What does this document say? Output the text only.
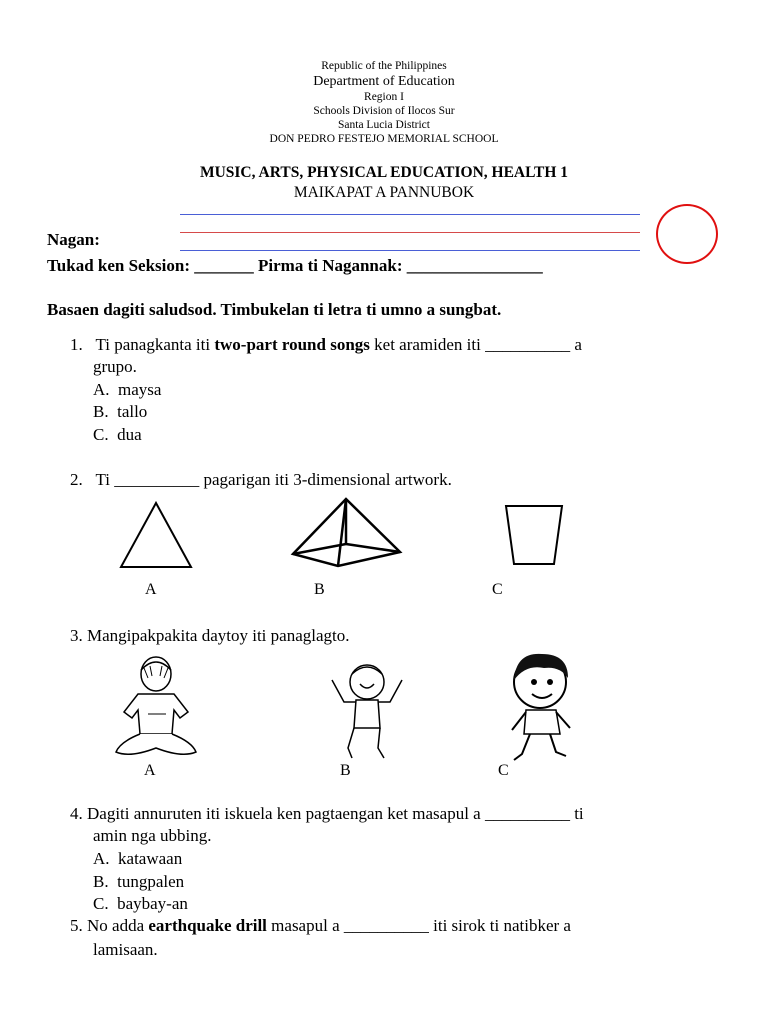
Republic of the Philippines
Department of Education
Region I
Schools Division of Ilocos Sur
Santa Lucia District
DON PEDRO FESTEJO MEMORIAL SCHOOL
MUSIC, ARTS, PHYSICAL EDUCATION, HEALTH 1
MAIKAPAT A PANNUBOK
Nagan:
Tukad ken Seksion: _______ Pirma ti Nagannak: ________________
Basaen dagiti saludsod. Timbukelan ti letra ti umno a sungbat.
1. Ti panagkanta iti two-part round songs ket aramiden iti __________ a
grupo.
A. maysa
B. tallo
C. dua
2. Ti __________ pagarigan iti 3-dimensional artwork.
A	B	C
3. Mangipakpakita daytoy iti panaglagto.
A	B	C
4. Dagiti annuruten iti iskuela ken pagtaengan ket masapul a __________ ti
amin nga ubbing.
A. katawaan
B. tungpalen
C. baybay-an
5. No adda earthquake drill masapul a __________ iti sirok ti natibker a
lamisaan.
